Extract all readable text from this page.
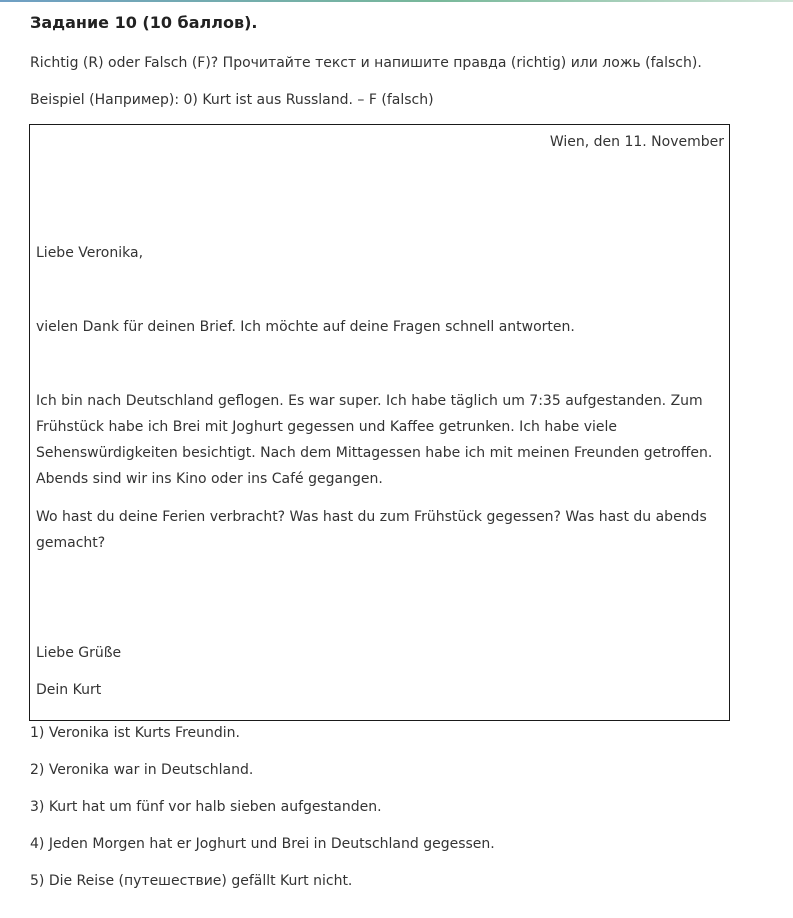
Задание 10 (10 баллов).
Richtig (R) oder Falsch (F)? Прочитайте текст и напишите правда (richtig) или ложь (falsch).
Beispiel (Например): 0) Kurt ist aus Russland. – F (falsch)
Wien, den 11. November
Liebe Veronika,
vielen Dank für deinen Brief. Ich möchte auf deine Fragen schnell antworten.
Ich bin nach Deutschland geflogen. Es war super. Ich habe täglich um 7:35 aufgestanden. Zum
Frühstück habe ich Brei mit Joghurt gegessen und Kaffee getrunken. Ich habe viele
Sehenswürdigkeiten besichtigt. Nach dem Mittagessen habe ich mit meinen Freunden getroffen.
Abends sind wir ins Kino oder ins Café gegangen.
Wo hast du deine Ferien verbracht? Was hast du zum Frühstück gegessen? Was hast du abends
gemacht?
Liebe Grüße
Dein Kurt
1) Veronika ist Kurts Freundin.
2) Veronika war in Deutschland.
3) Kurt hat um fünf vor halb sieben aufgestanden.
4) Jeden Morgen hat er Joghurt und Brei in Deutschland gegessen.
5) Die Reise (путешествие) gefällt Kurt nicht.
